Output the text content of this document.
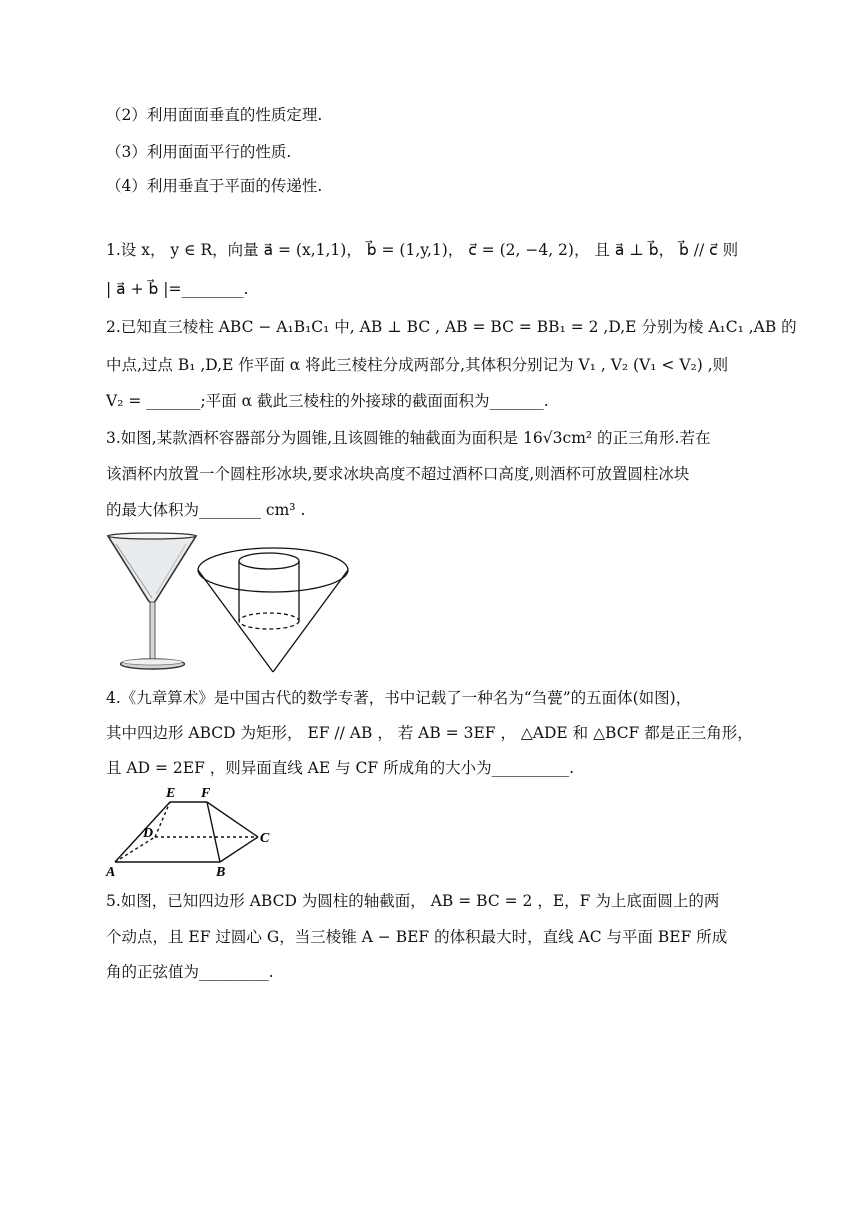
（2）利用面面垂直的性质定理.
（3）利用面面平行的性质.
（4）利用垂直于平面的传递性.
1.设 x， y ∈ R，向量 a⃗ = (x,1,1)， b⃗ = (1,y,1)， c⃗ = (2, −4, 2)， 且 a⃗ ⊥ b⃗， b⃗ // c⃗ 则
| a⃗ + b⃗ |=________.
2.已知直三棱柱 ABC − A₁B₁C₁ 中, AB ⊥ BC , AB = BC = BB₁ = 2 ,D,E 分别为棱 A₁C₁ ,AB 的
中点,过点 B₁ ,D,E 作平面 α 将此三棱柱分成两部分,其体积分别记为 V₁ , V₂ (V₁ < V₂) ,则
V₂ = _______;平面 α 截此三棱柱的外接球的截面面积为_______.
3.如图,某款酒杯容器部分为圆锥,且该圆锥的轴截面为面积是 16√3cm² 的正三角形.若在
该酒杯内放置一个圆柱形冰块,要求冰块高度不超过酒杯口高度,则酒杯可放置圆柱冰块
的最大体积为________ cm³ .
4.《九章算术》是中国古代的数学专著，书中记载了一种名为“刍甍”的五面体(如图)，
其中四边形 ABCD 为矩形， EF // AB ， 若 AB = 3EF ， △ADE 和 △BCF 都是正三角形，
且 AD = 2EF ，则异面直线 AE 与 CF 所成角的大小为__________.
E F
D	C
A	B
5.如图，已知四边形 ABCD 为圆柱的轴截面， AB = BC = 2 ，E，F 为上底面圆上的两
个动点，且 EF 过圆心 G，当三棱锥 A − BEF 的体积最大时，直线 AC 与平面 BEF 所成
角的正弦值为_________.
